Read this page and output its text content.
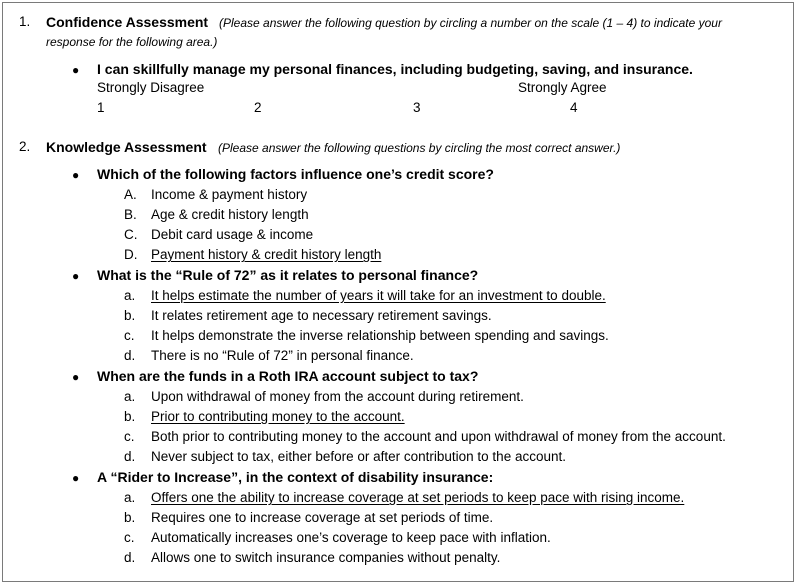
1. Confidence Assessment (Please answer the following question by circling a number on the scale (1 – 4) to indicate your
response for the following area.)
● I can skillfully manage my personal finances, including budgeting, saving, and insurance.
Strongly Disagree	Strongly Agree
1	2	3	4
2. Knowledge Assessment (Please answer the following questions by circling the most correct answer.)
● Which of the following factors influence one’s credit score?
A. Income & payment history
B. Age & credit history length
C. Debit card usage & income
D. Payment history & credit history length
● What is the “Rule of 72” as it relates to personal finance?
a. It helps estimate the number of years it will take for an investment to double.
b. It relates retirement age to necessary retirement savings.
c. It helps demonstrate the inverse relationship between spending and savings.
d. There is no “Rule of 72” in personal finance.
● When are the funds in a Roth IRA account subject to tax?
a. Upon withdrawal of money from the account during retirement.
b. Prior to contributing money to the account.
c. Both prior to contributing money to the account and upon withdrawal of money from the account.
d. Never subject to tax, either before or after contribution to the account.
● A “Rider to Increase”, in the context of disability insurance:
a. Offers one the ability to increase coverage at set periods to keep pace with rising income.
b. Requires one to increase coverage at set periods of time.
c. Automatically increases one’s coverage to keep pace with inflation.
d. Allows one to switch insurance companies without penalty.
